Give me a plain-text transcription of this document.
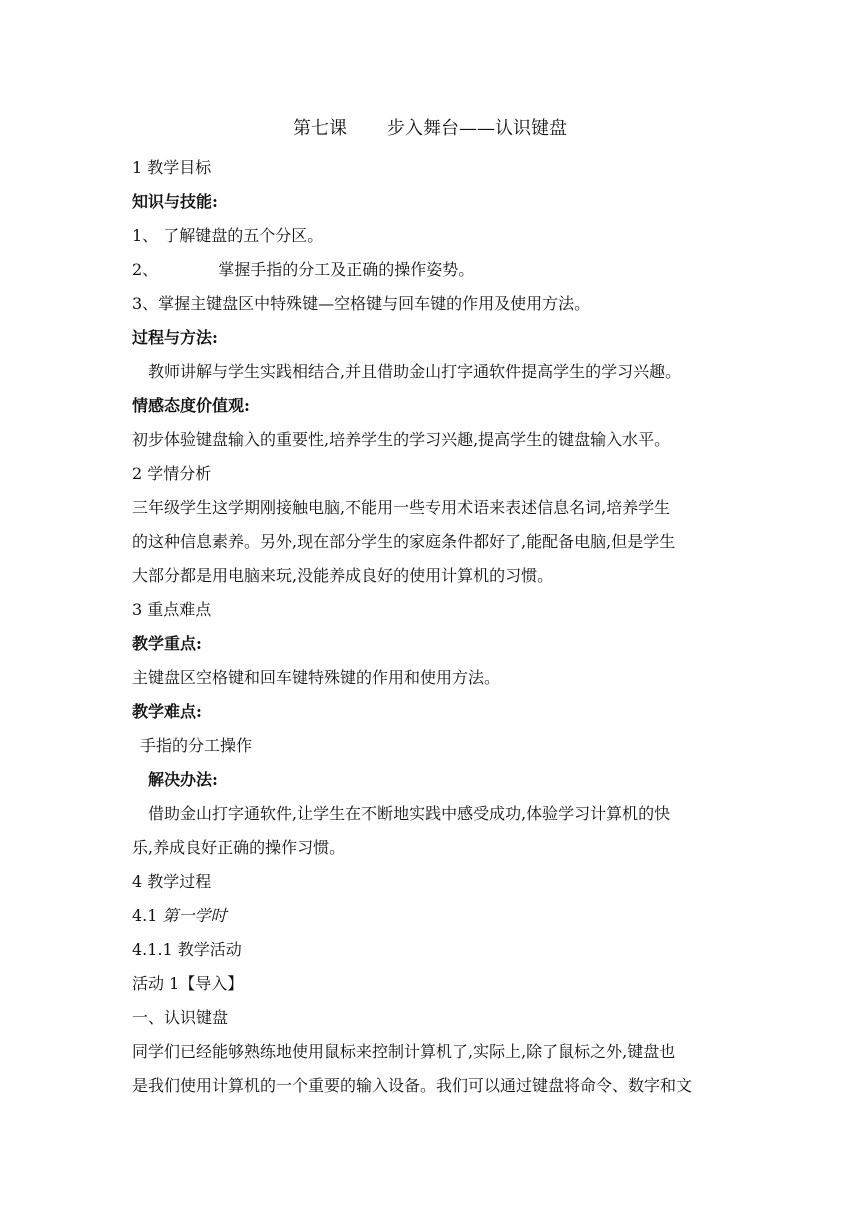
第七课 步入舞台——认识键盘
1 教学目标
知识与技能:
1、 了解键盘的五个分区。
2、	掌握手指的分工及正确的操作姿势。
3、掌握主键盘区中特殊键—空格键与回车键的作用及使用方法。
过程与方法:
教师讲解与学生实践相结合,并且借助金山打字通软件提高学生的学习兴趣。
情感态度价值观:
初步体验键盘输入的重要性,培养学生的学习兴趣,提高学生的键盘输入水平。
2 学情分析
三年级学生这学期刚接触电脑,不能用一些专用术语来表述信息名词,培养学生
的这种信息素养。另外,现在部分学生的家庭条件都好了,能配备电脑,但是学生
大部分都是用电脑来玩,没能养成良好的使用计算机的习惯。
3 重点难点
教学重点:
主键盘区空格键和回车键特殊键的作用和使用方法。
教学难点:
手指的分工操作
解决办法:
借助金山打字通软件,让学生在不断地实践中感受成功,体验学习计算机的快
乐,养成良好正确的操作习惯。
4 教学过程
4.1 第一学时
4.1.1 教学活动
活动 1【导入】
一、认识键盘
同学们已经能够熟练地使用鼠标来控制计算机了,实际上,除了鼠标之外,键盘也
是我们使用计算机的一个重要的输入设备。我们可以通过键盘将命令、数字和文
